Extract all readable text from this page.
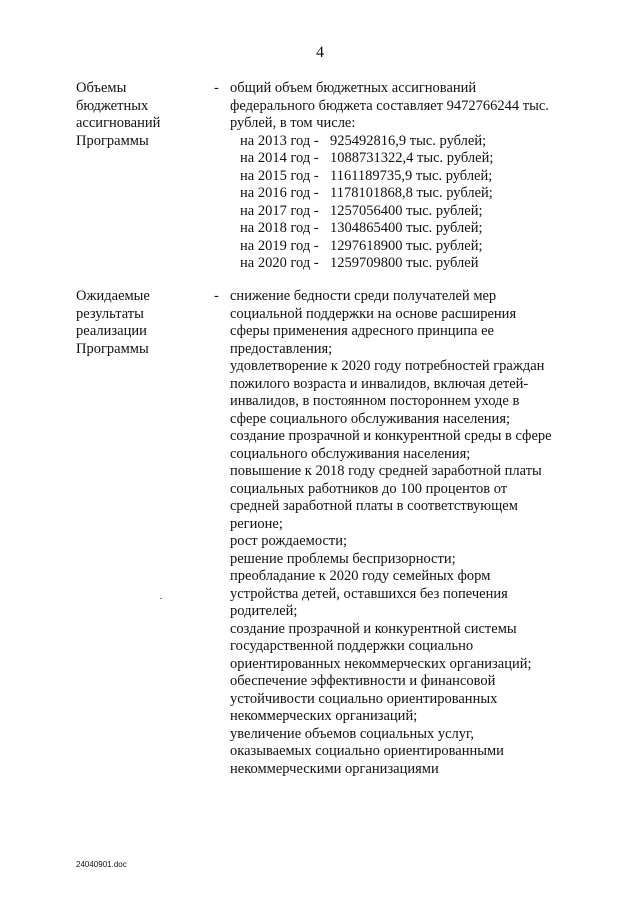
4
Объемы
бюджетных
ассигнований
Программы
- общий объем бюджетных ассигнований
федерального бюджета составляет 9472766244 тыс.
рублей, в том числе:
на 2013 год - 925492816,9 тыс. рублей;
на 2014 год - 1088731322,4 тыс. рублей;
на 2015 год - 1161189735,9 тыс. рублей;
на 2016 год - 1178101868,8 тыс. рублей;
на 2017 год - 1257056400 тыс. рублей;
на 2018 год - 1304865400 тыс. рублей;
на 2019 год - 1297618900 тыс. рублей;
на 2020 год - 1259709800 тыс. рублей
Ожидаемые
результаты
реализации
Программы
- снижение бедности среди получателей мер
социальной поддержки на основе расширения
сферы применения адресного принципа ее
предоставления;
удовлетворение к 2020 году потребностей граждан
пожилого возраста и инвалидов, включая детей-
инвалидов, в постоянном постороннем уходе в
сфере социального обслуживания населения;
создание прозрачной и конкурентной среды в сфере
социального обслуживания населения;
повышение к 2018 году средней заработной платы
социальных работников до 100 процентов от
средней заработной платы в соответствующем
регионе;
рост рождаемости;
решение проблемы беспризорности;
преобладание к 2020 году семейных форм
устройства детей, оставшихся без попечения
родителей;
создание прозрачной и конкурентной системы
государственной поддержки социально
ориентированных некоммерческих организаций;
обеспечение эффективности и финансовой
устойчивости социально ориентированных
некоммерческих организаций;
увеличение объемов социальных услуг,
оказываемых социально ориентированными
некоммерческими организациями
24040901.doc
